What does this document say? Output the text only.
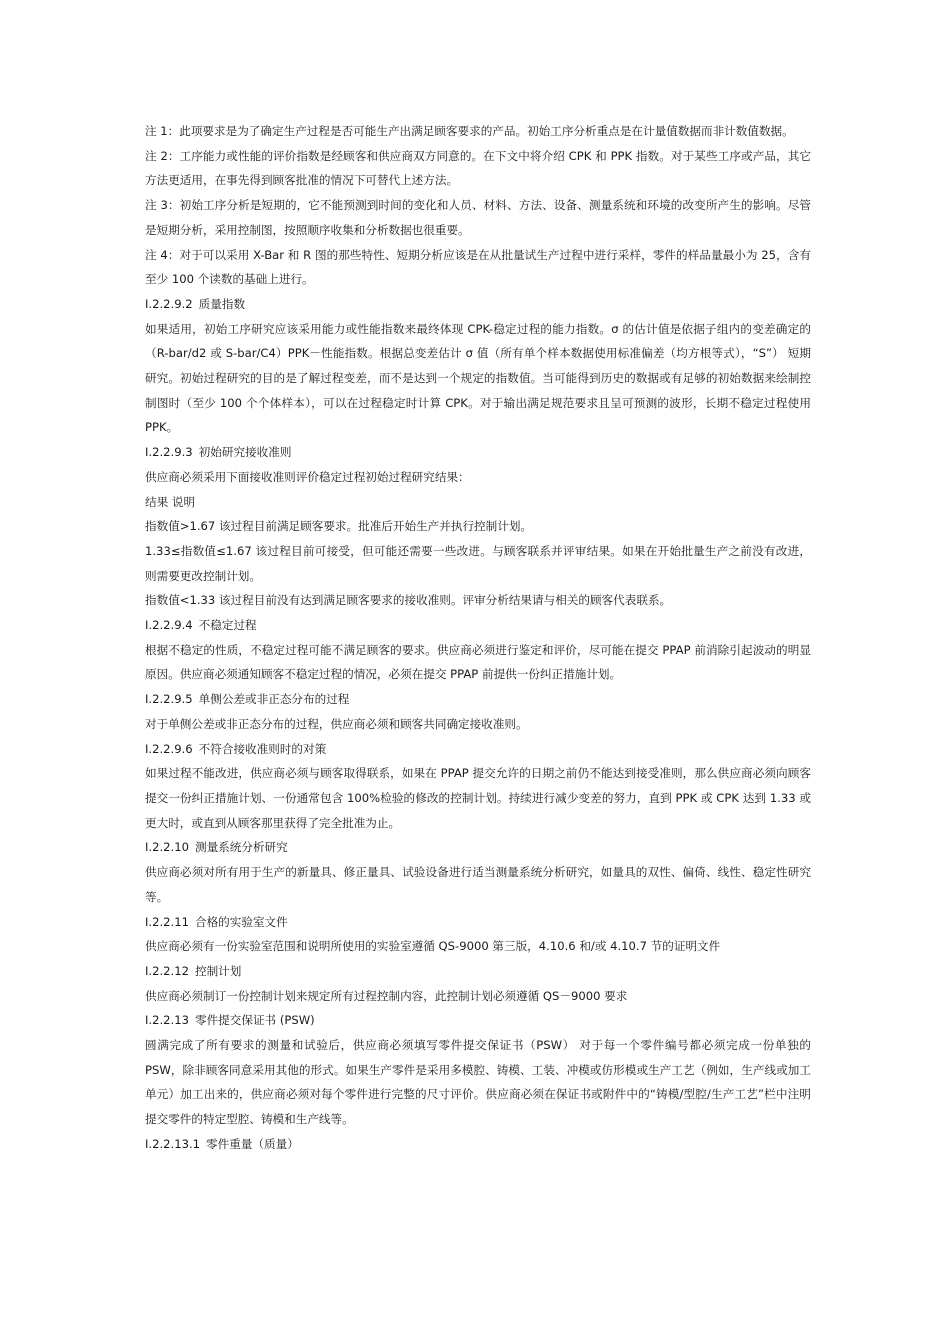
注 1：此项要求是为了确定生产过程是否可能生产出满足顾客要求的产品。初始工序分析重点是在计量值数据而非计数值数据。

注 2：工序能力或性能的评价指数是经顾客和供应商双方同意的。在下文中将介绍 CPK 和 PPK 指数。对于某些工序或产品，其它方法更适用，在事先得到顾客批准的情况下可替代上述方法。

注 3：初始工序分析是短期的，它不能预测到时间的变化和人员、材料、方法、设备、测量系统和环境的改变所产生的影响。尽管是短期分析，采用控制图，按照顺序收集和分析数据也很重要。

注 4：对于可以采用 X-Bar 和 R 图的那些特性、短期分析应该是在从批量试生产过程中进行采样，零件的样品量最小为 25，含有至少 100 个读数的基础上进行。

I.2.2.9.2 质量指数

如果适用，初始工序研究应该采用能力或性能指数来最终体现 CPK-稳定过程的能力指数。σ 的估计值是依据子组内的变差确定的（R-bar/d2 或 S-bar/C4）PPK－性能指数。根据总变差估计 σ 值（所有单个样本数据使用标准偏差（均方根等式），“S”） 短期研究。初始过程研究的目的是了解过程变差，而不是达到一个规定的指数值。当可能得到历史的数据或有足够的初始数据来绘制控制图时（至少 100 个个体样本），可以在过程稳定时计算 CPK。对于输出满足规范要求且呈可预测的波形，长期不稳定过程使用 PPK。

I.2.2.9.3 初始研究接收准则

供应商必须采用下面接收准则评价稳定过程初始过程研究结果：

结果 说明

指数值>1.67 该过程目前满足顾客要求。批准后开始生产并执行控制计划。

1.33≤指数值≤1.67 该过程目前可接受，但可能还需要一些改进。与顾客联系并评审结果。如果在开始批量生产之前没有改进，则需要更改控制计划。

指数值<1.33 该过程目前没有达到满足顾客要求的接收准则。评审分析结果请与相关的顾客代表联系。

I.2.2.9.4 不稳定过程

根据不稳定的性质，不稳定过程可能不满足顾客的要求。供应商必须进行鉴定和评价，尽可能在提交 PPAP 前消除引起波动的明显原因。供应商必须通知顾客不稳定过程的情况，必须在提交 PPAP 前提供一份纠正措施计划。

I.2.2.9.5 单侧公差或非正态分布的过程

对于单侧公差或非正态分布的过程，供应商必须和顾客共同确定接收准则。

I.2.2.9.6 不符合接收准则时的对策

如果过程不能改进，供应商必须与顾客取得联系，如果在 PPAP 提交允许的日期之前仍不能达到接受准则，那么供应商必须向顾客提交一份纠正措施计划、一份通常包含 100%检验的修改的控制计划。持续进行减少变差的努力，直到 PPK 或 CPK 达到 1.33 或更大时，或直到从顾客那里获得了完全批准为止。

I.2.2.10 测量系统分析研究

供应商必须对所有用于生产的新量具、修正量具、试验设备进行适当测量系统分析研究，如量具的双性、偏倚、线性、稳定性研究等。

I.2.2.11 合格的实验室文件

供应商必须有一份实验室范围和说明所使用的实验室遵循 QS-9000 第三版，4.10.6 和/或 4.10.7 节的证明文件

I.2.2.12 控制计划

供应商必须制订一份控制计划来规定所有过程控制内容，此控制计划必须遵循 QS－9000 要求

I.2.2.13 零件提交保证书 (PSW)

圆满完成了所有要求的测量和试验后，供应商必须填写零件提交保证书（PSW） 对于每一个零件编号都必须完成一份单独的 PSW，除非顾客同意采用其他的形式。如果生产零件是采用多模腔、铸模、工装、冲模或仿形模或生产工艺（例如，生产线或加工单元）加工出来的，供应商必须对每个零件进行完整的尺寸评价。供应商必须在保证书或附件中的“铸模/型腔/生产工艺”栏中注明提交零件的特定型腔、铸模和生产线等。

I.2.2.13.1 零件重量（质量）
